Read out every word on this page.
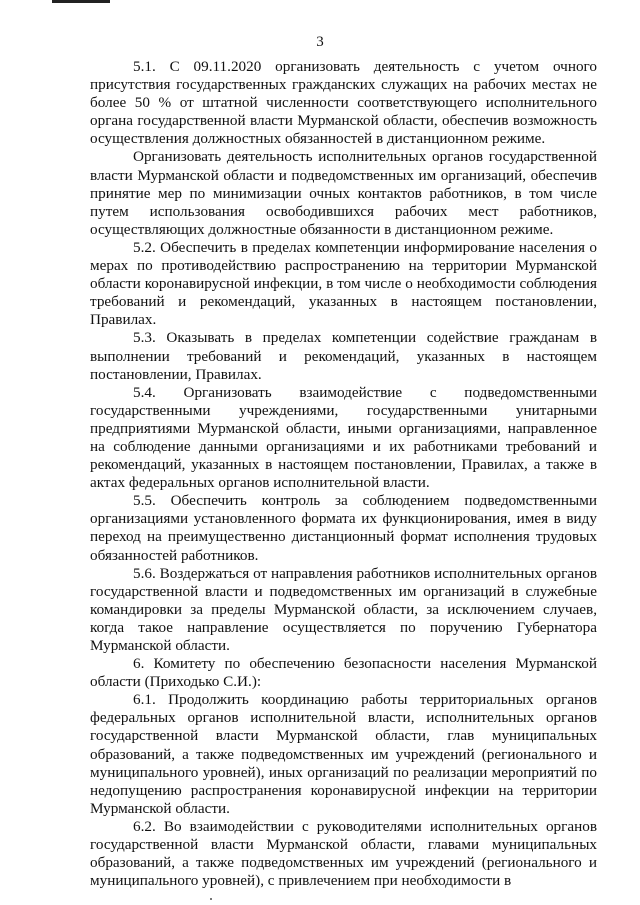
3

5.1. С 09.11.2020 организовать деятельность с учетом очного присутствия государственных гражданских служащих на рабочих местах не более 50 % от штатной численности соответствующего исполнительного органа государственной власти Мурманской области, обеспечив возможность осуществления должностных обязанностей в дистанционном режиме.

Организовать деятельность исполнительных органов государственной власти Мурманской области и подведомственных им организаций, обеспечив принятие мер по минимизации очных контактов работников, в том числе путем использования освободившихся рабочих мест работников, осуществляющих должностные обязанности в дистанционном режиме.

5.2. Обеспечить в пределах компетенции информирование населения о мерах по противодействию распространению на территории Мурманской области коронавирусной инфекции, в том числе о необходимости соблюдения требований и рекомендаций, указанных в настоящем постановлении, Правилах.

5.3. Оказывать в пределах компетенции содействие гражданам в выполнении требований и рекомендаций, указанных в настоящем постановлении, Правилах.

5.4. Организовать взаимодействие с подведомственными государственными учреждениями, государственными унитарными предприятиями Мурманской области, иными организациями, направленное на соблюдение данными организациями и их работниками требований и рекомендаций, указанных в настоящем постановлении, Правилах, а также в актах федеральных органов исполнительной власти.

5.5. Обеспечить контроль за соблюдением подведомственными организациями установленного формата их функционирования, имея в виду переход на преимущественно дистанционный формат исполнения трудовых обязанностей работников.

5.6. Воздержаться от направления работников исполнительных органов государственной власти и подведомственных им организаций в служебные командировки за пределы Мурманской области, за исключением случаев, когда такое направление осуществляется по поручению Губернатора Мурманской области.

6. Комитету по обеспечению безопасности населения Мурманской области (Приходько С.И.):

6.1. Продолжить координацию работы территориальных органов федеральных органов исполнительной власти, исполнительных органов государственной власти Мурманской области, глав муниципальных образований, а также подведомственных им учреждений (регионального и муниципального уровней), иных организаций по реализации мероприятий по недопущению распространения коронавирусной инфекции на территории Мурманской области.

6.2. Во взаимодействии с руководителями исполнительных органов государственной власти Мурманской области, главами муниципальных образований, а также подведомственных им учреждений (регионального и муниципального уровней), с привлечением при необходимости в
